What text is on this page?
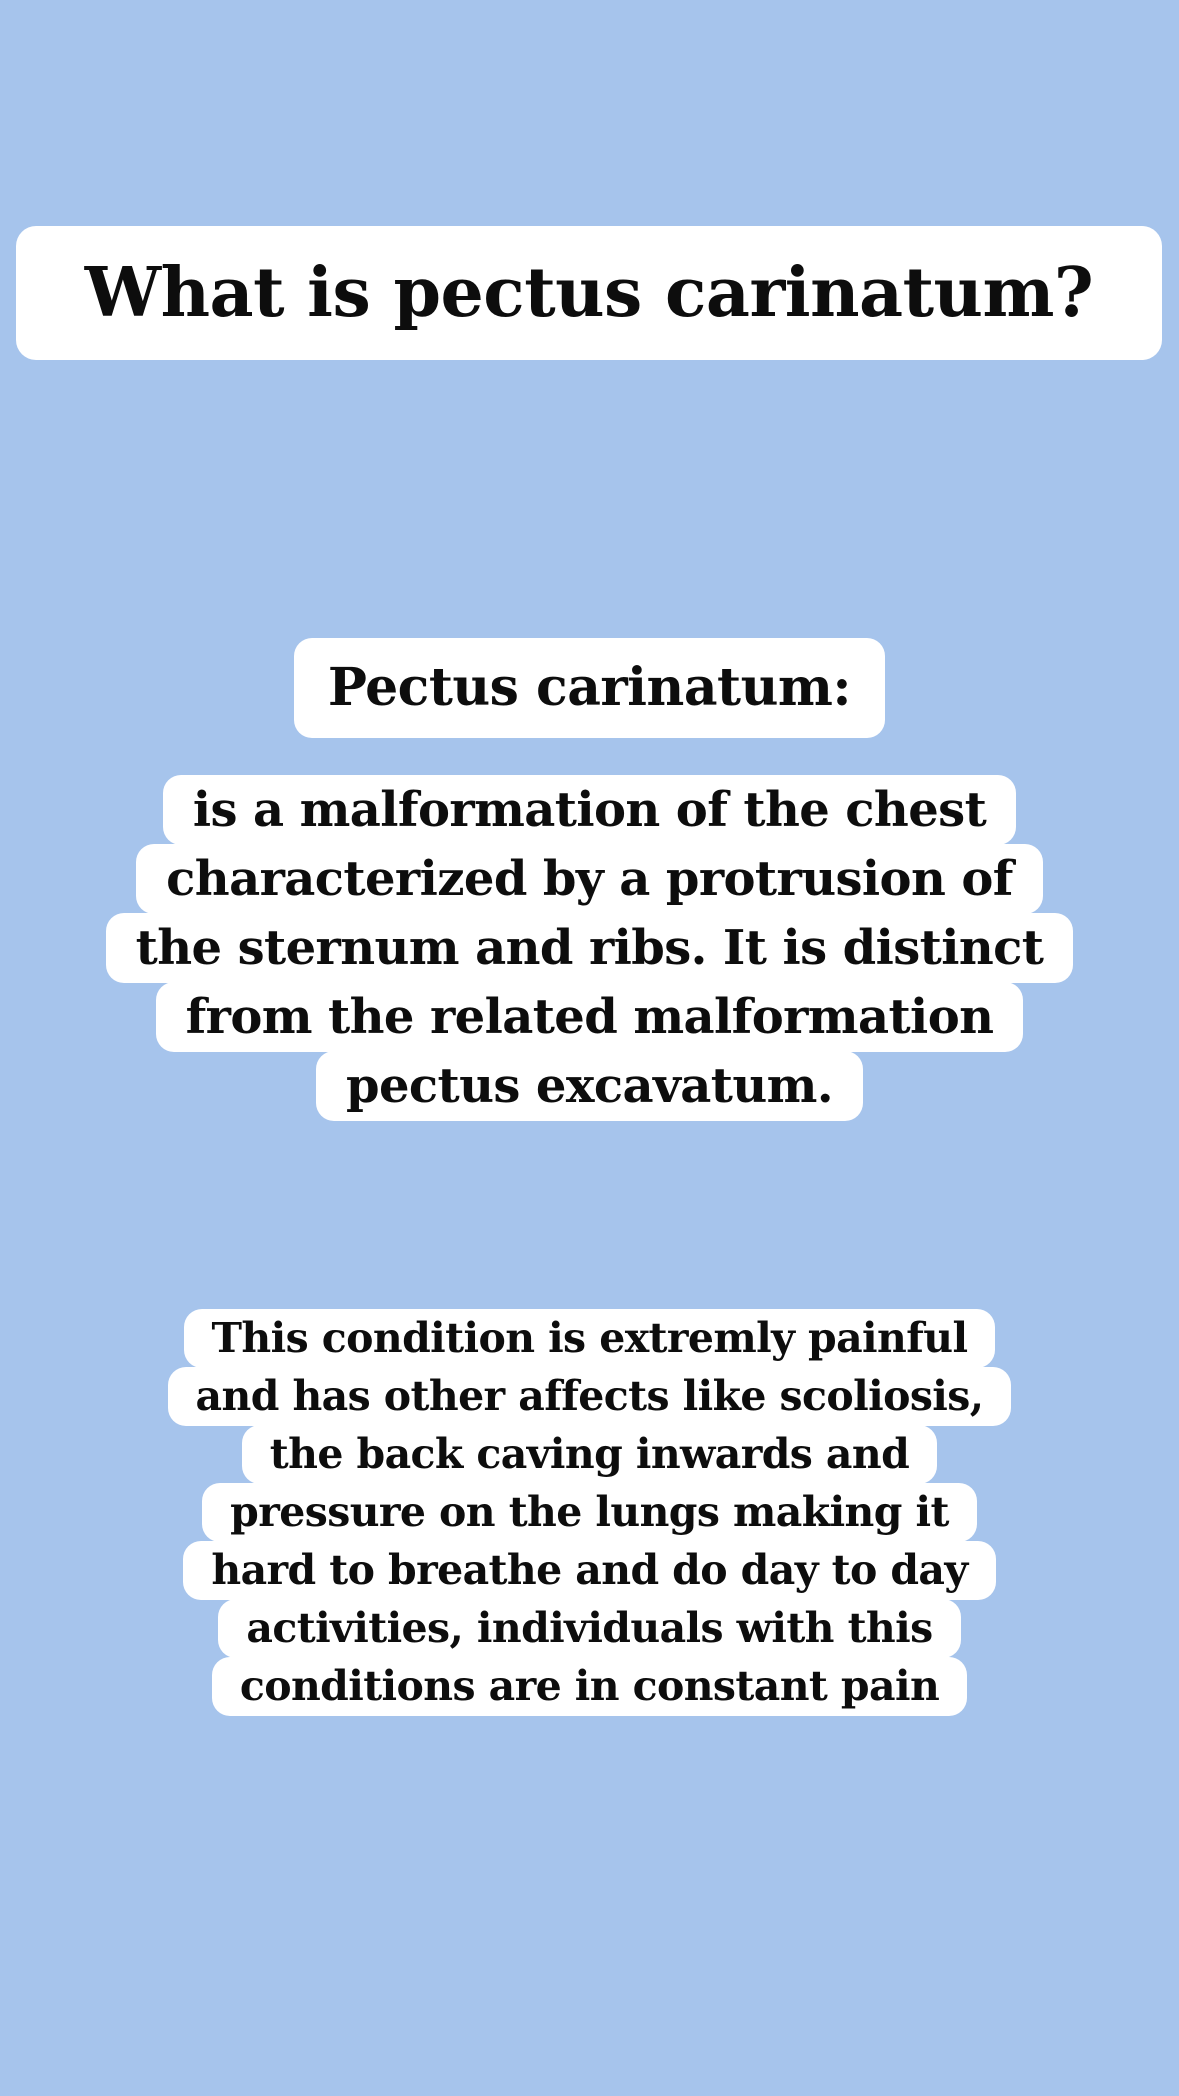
What is pectus carinatum?
Pectus carinatum:
is a malformation of the chest
characterized by a protrusion of
the sternum and ribs. It is distinct
from the related malformation
pectus excavatum.
This condition is extremly painful
and has other affects like scoliosis,
the back caving inwards and
pressure on the lungs making it
hard to breathe and do day to day
activities, individuals with this
conditions are in constant pain
